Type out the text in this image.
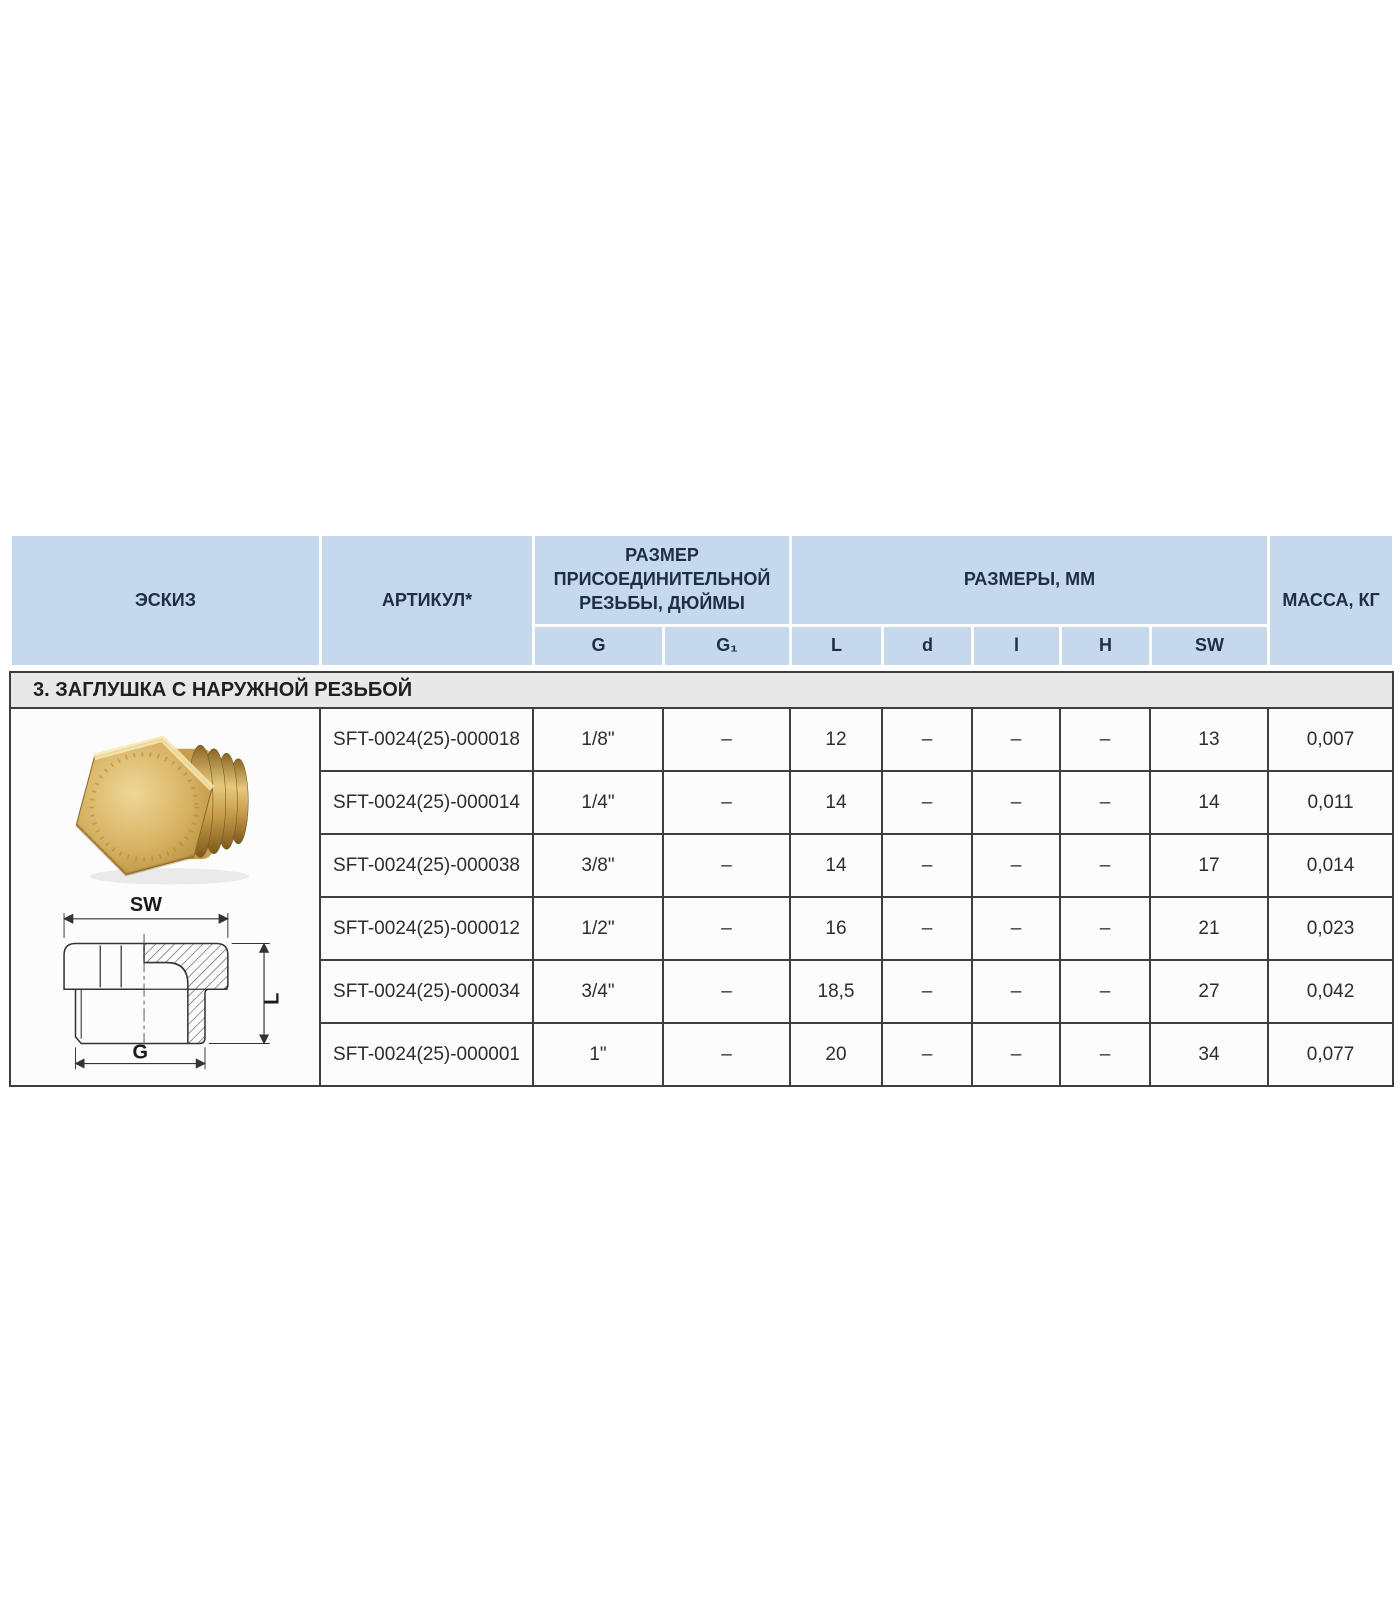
ЭСКИЗ	АРТИКУЛ*	РАЗМЕР ПРИСОЕДИНИТЕЛЬНОЙ РЕЗЬБЫ, ДЮЙМЫ		РАЗМЕРЫ, ММ					МАССА, КГ
		G	G₁	L	d	l	H	SW	
3. ЗАГЛУШКА С НАРУЖНОЙ РЕЗЬБОЙ									

SW
L
G	SFT-0024(25)-000018	1/8"	–	12	–	–	–	13	0,007
	SFT-0024(25)-000014	1/4"	–	14	–	–	–	14	0,011
	SFT-0024(25)-000038	3/8"	–	14	–	–	–	17	0,014
	SFT-0024(25)-000012	1/2"	–	16	–	–	–	21	0,023
	SFT-0024(25)-000034	3/4"	–	18,5	–	–	–	27	0,042
	SFT-0024(25)-000001	1"	–	20	–	–	–	34	0,077
